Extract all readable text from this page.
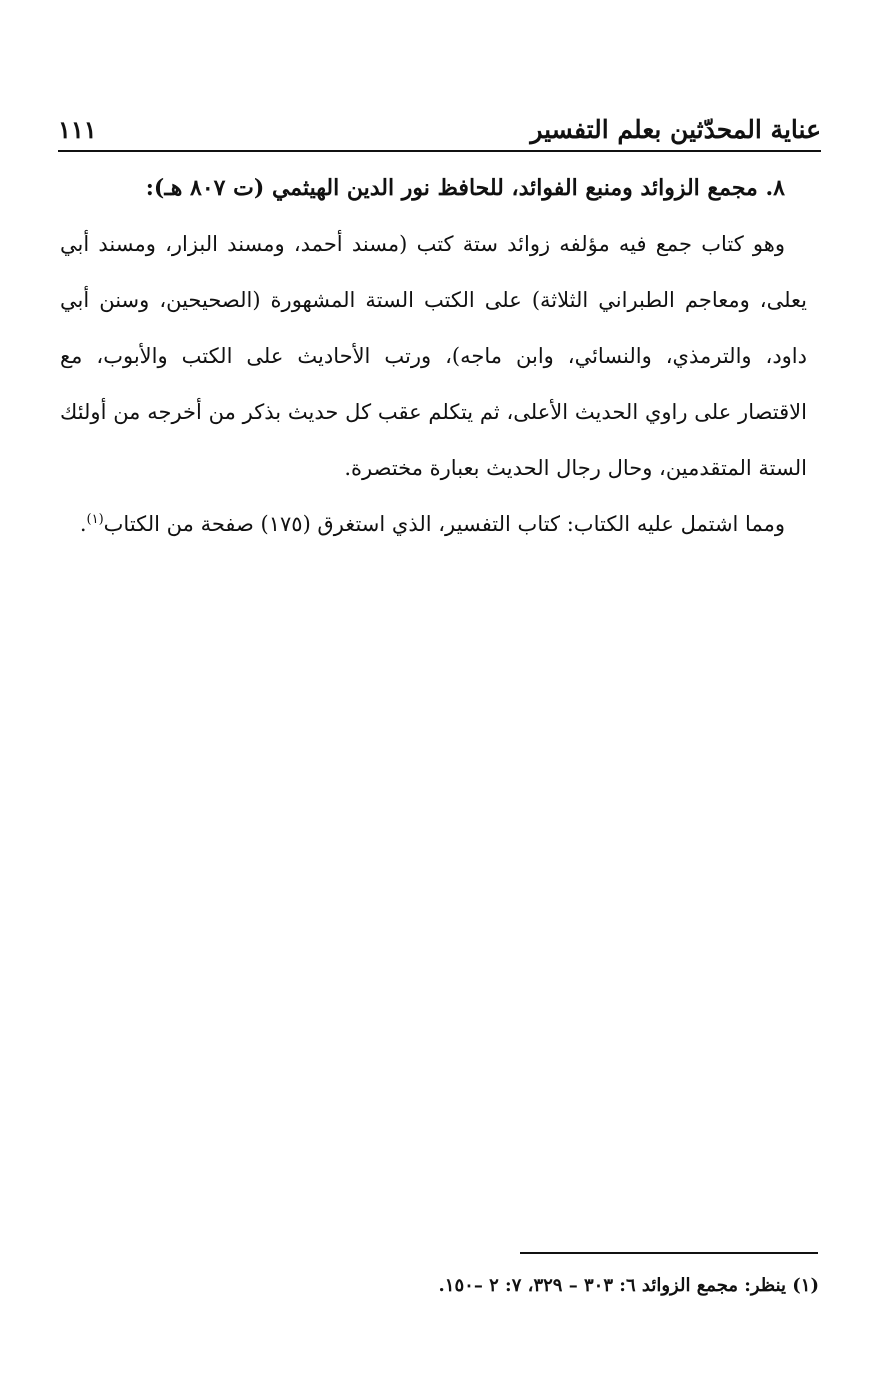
عناية المحدّثين بعلم التفسير
١١١
٨. مجمع الزوائد ومنبع الفوائد، للحافظ نور الدين الهيثمي (ت ٨٠٧ هـ):

وهو كتاب جمع فيه مؤلفه زوائد ستة كتب (مسند أحمد، ومسند البزار، ومسند أبي يعلى، ومعاجم الطبراني الثلاثة) على الكتب الستة المشهورة (الصحيحين، وسنن أبي داود، والترمذي، والنسائي، وابن ماجه)، ورتب الأحاديث على الكتب والأبوب، مع الاقتصار على راوي الحديث الأعلى، ثم يتكلم عقب كل حديث بذكر من أخرجه من أولئك الستة المتقدمين، وحال رجال الحديث بعبارة مختصرة.

ومما اشتمل عليه الكتاب: كتاب التفسير، الذي استغرق (١٧٥) صفحة من الكتاب$^{(١)}$.

(١) ينظر: مجمع الزوائد ٦: ٣٠٣ – ٣٢٩، ٧: ٢ –١٥٠.
